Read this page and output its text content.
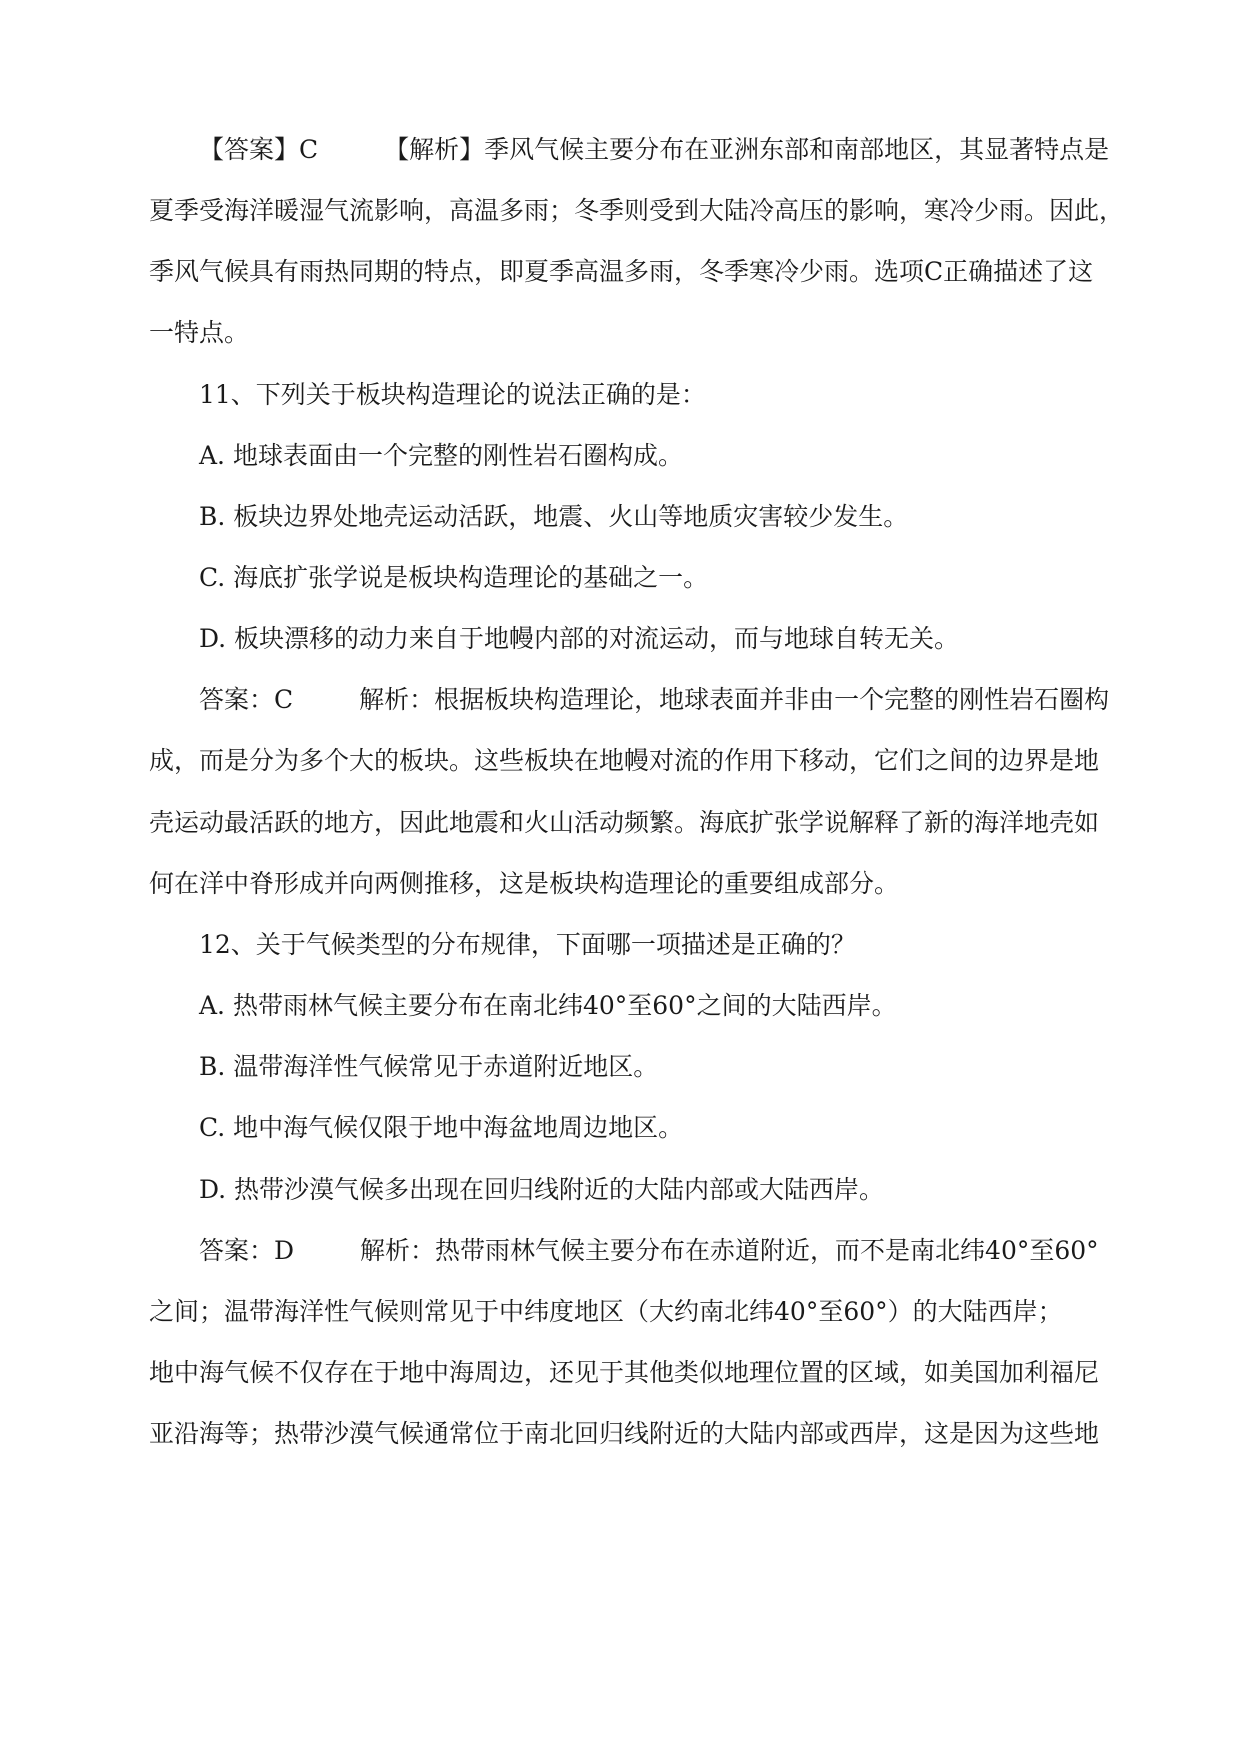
【答案】C	【解析】季风气候主要分布在亚洲东部和南部地区，其显著特点是
夏季受海洋暖湿气流影响，高温多雨；冬季则受到大陆冷高压的影响，寒冷少雨。因此，
季风气候具有雨热同期的特点，即夏季高温多雨，冬季寒冷少雨。选项C正确描述了这
一特点。
11、下列关于板块构造理论的说法正确的是：
A. 地球表面由一个完整的刚性岩石圈构成。
B. 板块边界处地壳运动活跃，地震、火山等地质灾害较少发生。
C. 海底扩张学说是板块构造理论的基础之一。
D. 板块漂移的动力来自于地幔内部的对流运动，而与地球自转无关。
答案：C	解析：根据板块构造理论，地球表面并非由一个完整的刚性岩石圈构
成，而是分为多个大的板块。这些板块在地幔对流的作用下移动，它们之间的边界是地
壳运动最活跃的地方，因此地震和火山活动频繁。海底扩张学说解释了新的海洋地壳如
何在洋中脊形成并向两侧推移，这是板块构造理论的重要组成部分。
12、关于气候类型的分布规律，下面哪一项描述是正确的？
A. 热带雨林气候主要分布在南北纬40°至60°之间的大陆西岸。
B. 温带海洋性气候常见于赤道附近地区。
C. 地中海气候仅限于地中海盆地周边地区。
D. 热带沙漠气候多出现在回归线附近的大陆内部或大陆西岸。
答案：D	解析：热带雨林气候主要分布在赤道附近，而不是南北纬40°至60°
之间；温带海洋性气候则常见于中纬度地区（大约南北纬40°至60°）的大陆西岸；
地中海气候不仅存在于地中海周边，还见于其他类似地理位置的区域，如美国加利福尼
亚沿海等；热带沙漠气候通常位于南北回归线附近的大陆内部或西岸，这是因为这些地
